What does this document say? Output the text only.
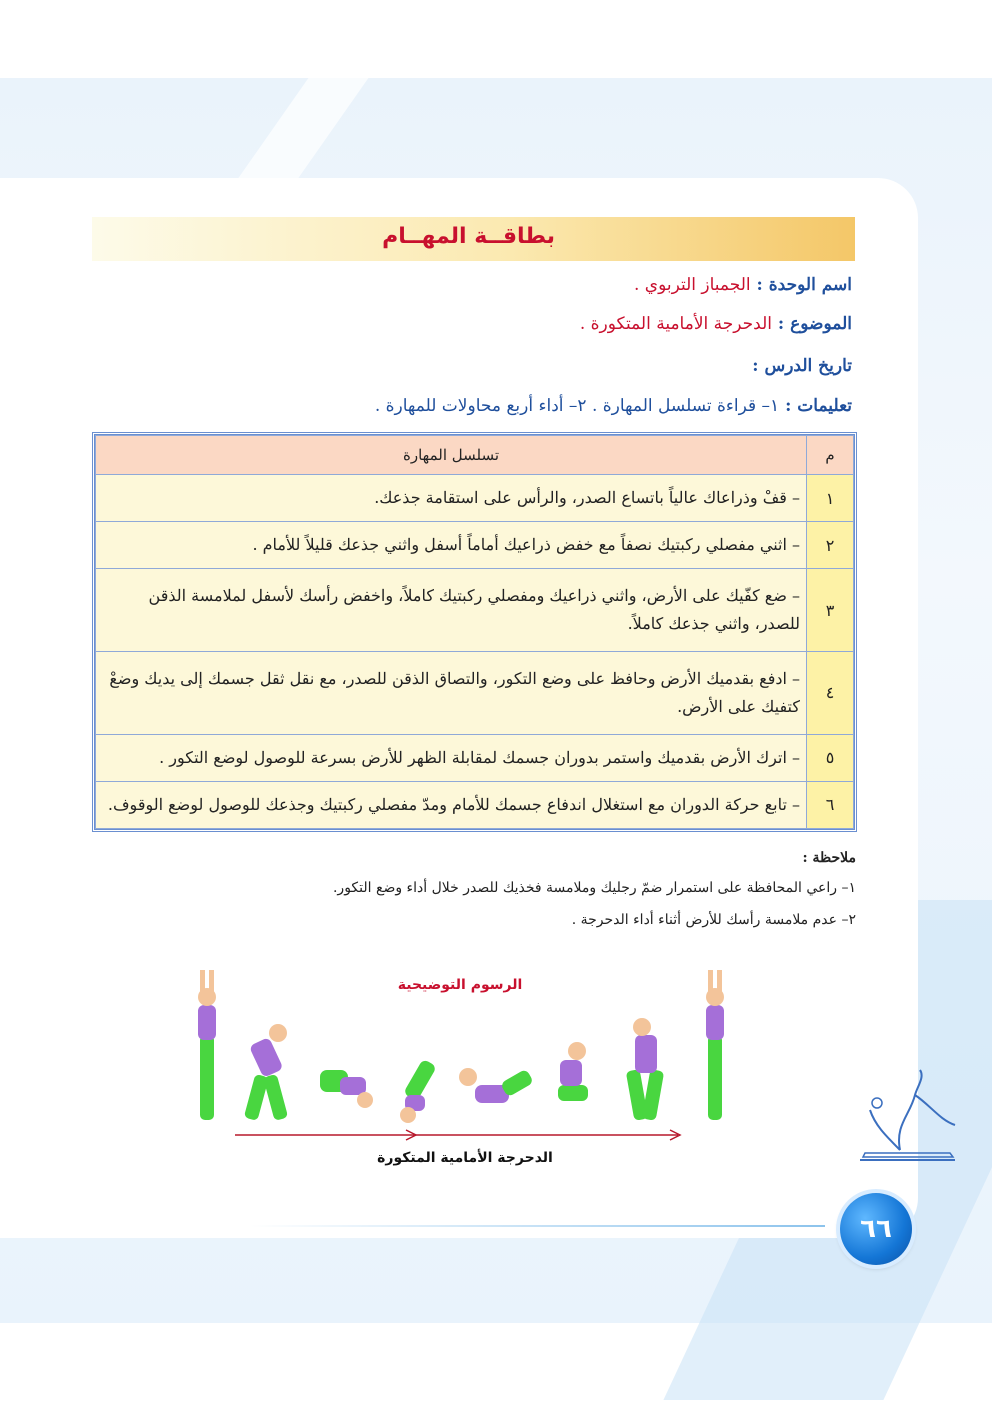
بطاقــة المهــام
اسم الوحدة : الجمباز التربوي .
الموضوع : الدحرجة الأمامية المتكورة .
تاريخ الدرس :
تعليمات : ١– قراءة تسلسل المهارة . ٢– أداء أربع محاولات للمهارة .
م	تسلسل المهارة
١	– قفْ وذراعاك عالياً باتساع الصدر، والرأس على استقامة جذعك.
٢	– اثني مفصلي ركبتيك نصفاً مع خفض ذراعيك أماماً أسفل واثني جذعك قليلاً للأمام .
٣	– ضع كفّيك على الأرض، واثني ذراعيك ومفصلي ركبتيك كاملاً، واخفض رأسك لأسفل لملامسة الذقن للصدر، واثني جذعك كاملاً.
٤	– ادفع بقدميك الأرض وحافظ على وضع التكور، والتصاق الذقن للصدر، مع نقل ثقل جسمك إلى يديك وضعْ كتفيك على الأرض.
٥	– اترك الأرض بقدميك واستمر بدوران جسمك لمقابلة الظهر للأرض بسرعة للوصول لوضع التكور .
٦	– تابع حركة الدوران مع استغلال اندفاع جسمك للأمام ومدّ مفصلي ركبتيك وجذعك للوصول لوضع الوقوف.
ملاحظة :
١– راعي المحافظة على استمرار ضمّ رجليك وملامسة فخذيك للصدر خلال أداء وضع التكور.
٢– عدم ملامسة رأسك للأرض أثناء أداء الدحرجة .
الرسوم التوضيحية
الدحرجة الأمامية المتكورة
٦٦
